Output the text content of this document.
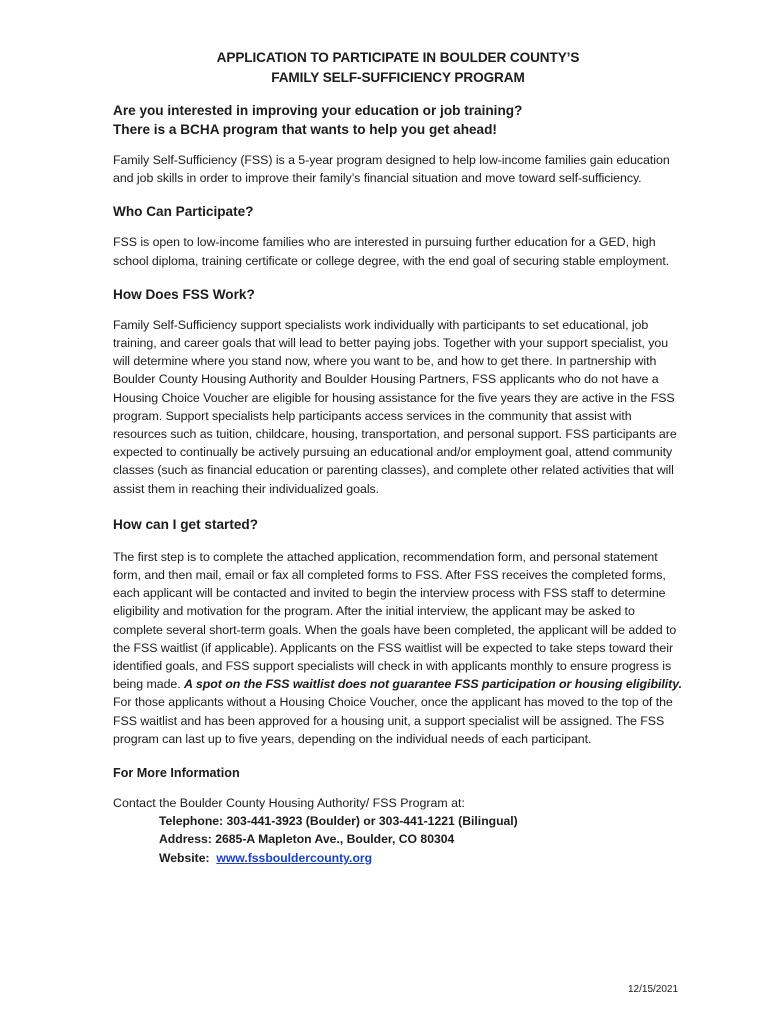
APPLICATION TO PARTICIPATE IN BOULDER COUNTY’S
FAMILY SELF-SUFFICIENCY PROGRAM
Are you interested in improving your education or job training?
There is a BCHA program that wants to help you get ahead!

Family Self-Sufficiency (FSS) is a 5-year program designed to help low-income families gain education and job skills in order to improve their family’s financial situation and move toward self-sufficiency.

Who Can Participate?

FSS is open to low-income families who are interested in pursuing further education for a GED, high school diploma, training certificate or college degree, with the end goal of securing stable employment.

How Does FSS Work?

Family Self-Sufficiency support specialists work individually with participants to set educational, job training, and career goals that will lead to better paying jobs. Together with your support specialist, you will determine where you stand now, where you want to be, and how to get there. In partnership with Boulder County Housing Authority and Boulder Housing Partners, FSS applicants who do not have a Housing Choice Voucher are eligible for housing assistance for the five years they are active in the FSS program. Support specialists help participants access services in the community that assist with resources such as tuition, childcare, housing, transportation, and personal support. FSS participants are expected to continually be actively pursuing an educational and/or employment goal, attend community classes (such as financial education or parenting classes), and complete other related activities that will assist them in reaching their individualized goals.

How can I get started?

The first step is to complete the attached application, recommendation form, and personal statement form, and then mail, email or fax all completed forms to FSS. After FSS receives the completed forms, each applicant will be contacted and invited to begin the interview process with FSS staff to determine eligibility and motivation for the program. After the initial interview, the applicant may be asked to complete several short-term goals. When the goals have been completed, the applicant will be added to the FSS waitlist (if applicable). Applicants on the FSS waitlist will be expected to take steps toward their identified goals, and FSS support specialists will check in with applicants monthly to ensure progress is being made. A spot on the FSS waitlist does not guarantee FSS participation or housing eligibility. For those applicants without a Housing Choice Voucher, once the applicant has moved to the top of the FSS waitlist and has been approved for a housing unit, a support specialist will be assigned. The FSS program can last up to five years, depending on the individual needs of each participant.

For More Information
Contact the Boulder County Housing Authority/ FSS Program at:
Telephone: 303-441-3923 (Boulder) or 303-441-1221 (Bilingual)
Address: 2685-A Mapleton Ave., Boulder, CO 80304
Website:  www.fssbouldercounty.org
12/15/2021
